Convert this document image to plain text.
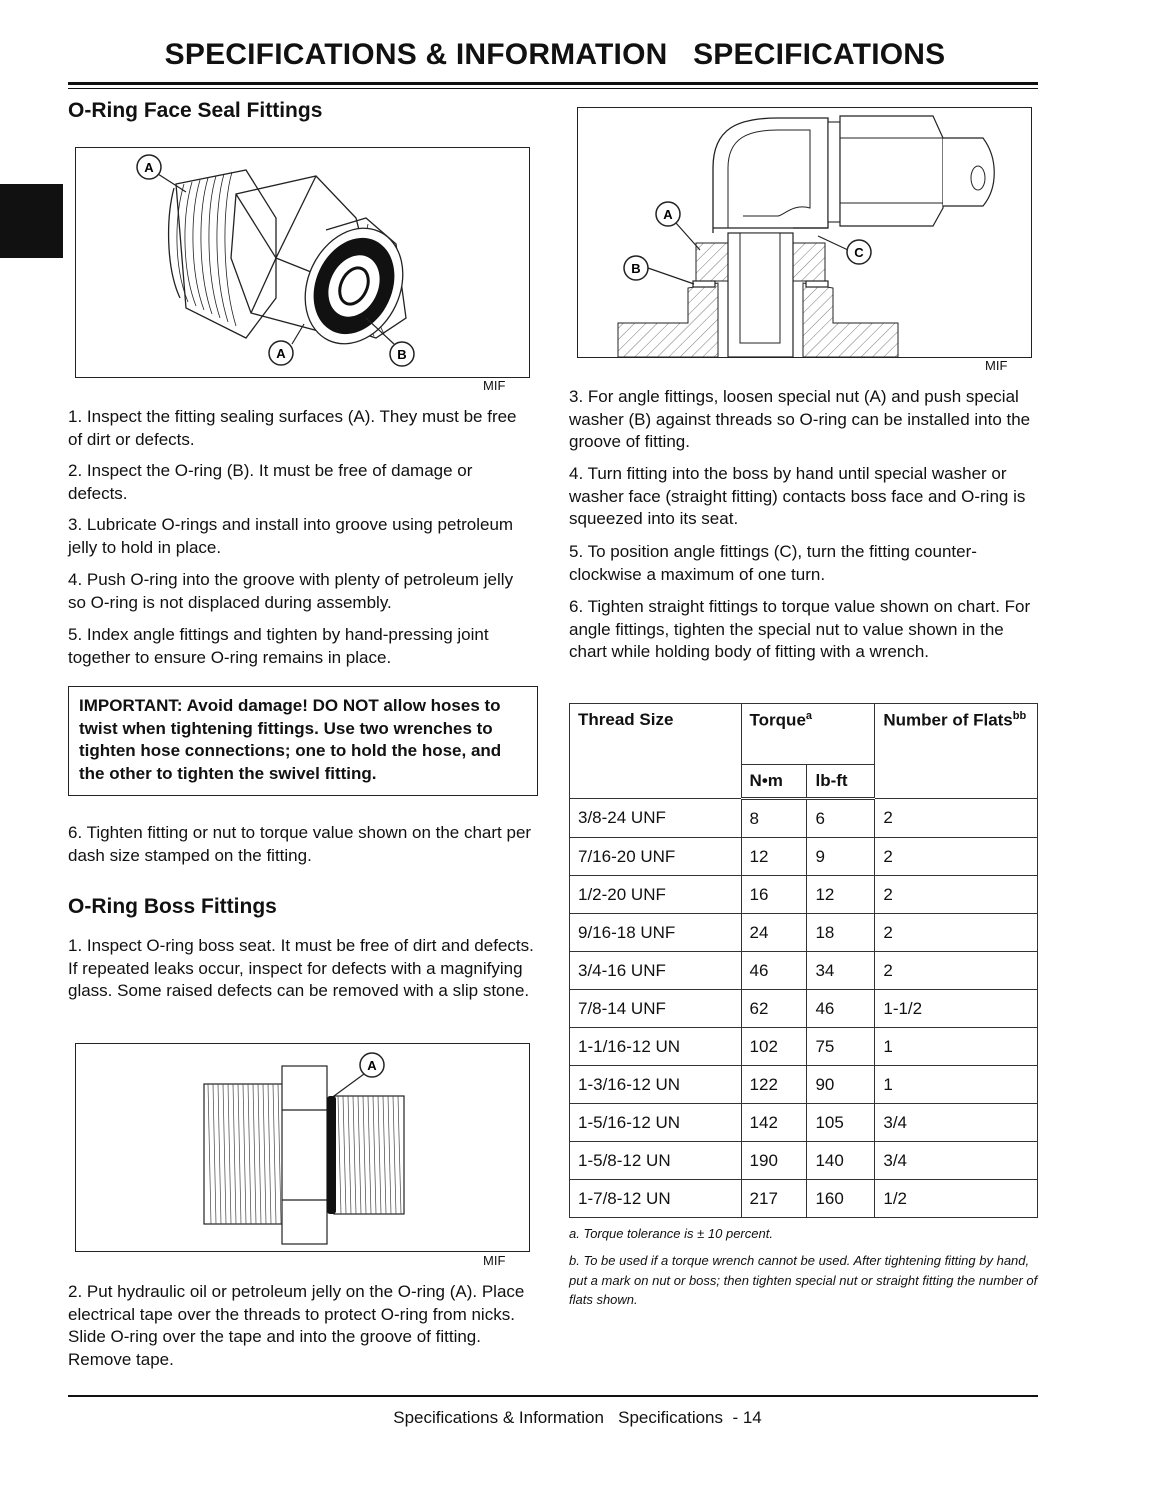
SPECIFICATIONS & INFORMATION   SPECIFICATIONS
O-Ring Face Seal Fittings
A
A	B
MIF

1. Inspect the fitting sealing surfaces (A). They must be free of dirt or defects.

2. Inspect the O-ring (B). It must be free of damage or defects.

3. Lubricate O-rings and install into groove using petroleum jelly to hold in place.

4. Push O-ring into the groove with plenty of petroleum jelly so O-ring is not displaced during assembly.

5. Index angle fittings and tighten by hand-pressing joint together to ensure O-ring remains in place.

IMPORTANT: Avoid damage! DO NOT allow hoses to twist when tightening fittings. Use two wrenches to tighten hose connections; one to hold the hose, and the other to tighten the swivel fitting.

6. Tighten fitting or nut to torque value shown on the chart per dash size stamped on the fitting.

O-Ring Boss Fittings

1. Inspect O-ring boss seat. It must be free of dirt and defects. If repeated leaks occur, inspect for defects with a magnifying glass. Some raised defects can be removed with a slip stone.

A
MIF

2. Put hydraulic oil or petroleum jelly on the O-ring (A). Place electrical tape over the threads to protect O-ring from nicks. Slide O-ring over the tape and into the groove of fitting. Remove tape.

A
B
C
MIF

3. For angle fittings, loosen special nut (A) and push special washer (B) against threads so O-ring can be installed into the groove of fitting.

4. Turn fitting into the boss by hand until special washer or washer face (straight fitting) contacts boss face and O-ring is squeezed into its seat.

5. To position angle fittings (C), turn the fitting counter-clockwise a maximum of one turn.

6. Tighten straight fittings to torque value shown on chart. For angle fittings, tighten the special nut to value shown in the chart while holding body of fitting with a wrench.

Thread Size	Torque$^a$		Number of Flats$^{bb}$
	N•m	lb-ft	
3/8-24 UNF	8	6	2
7/16-20 UNF	12	9	2
1/2-20 UNF	16	12	2
9/16-18 UNF	24	18	2
3/4-16 UNF	46	34	2
7/8-14 UNF	62	46	1-1/2
1-1/16-12 UN	102	75	1
1-3/16-12 UN	122	90	1
1-5/16-12 UN	142	105	3/4
1-5/8-12 UN	190	140	3/4
1-7/8-12 UN	217	160	1/2

a. Torque tolerance is ± 10 percent.

b. To be used if a torque wrench cannot be used. After tightening fitting by hand, put a mark on nut or boss; then tighten special nut or straight fitting the number of flats shown.

Specifications & Information   Specifications  - 14
